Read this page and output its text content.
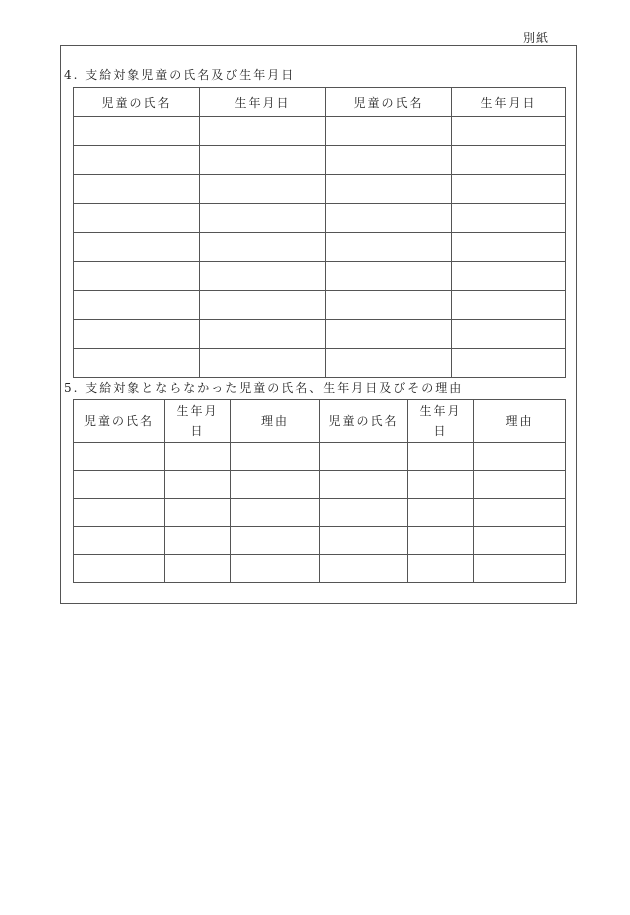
別紙
4. 支給対象児童の氏名及び生年月日
児童の氏名	生年月日	児童の氏名	生年月日

5. 支給対象とならなかった児童の氏名、生年月日及びその理由
児童の氏名	生年月日	理由	児童の氏名	生年月日	理由
